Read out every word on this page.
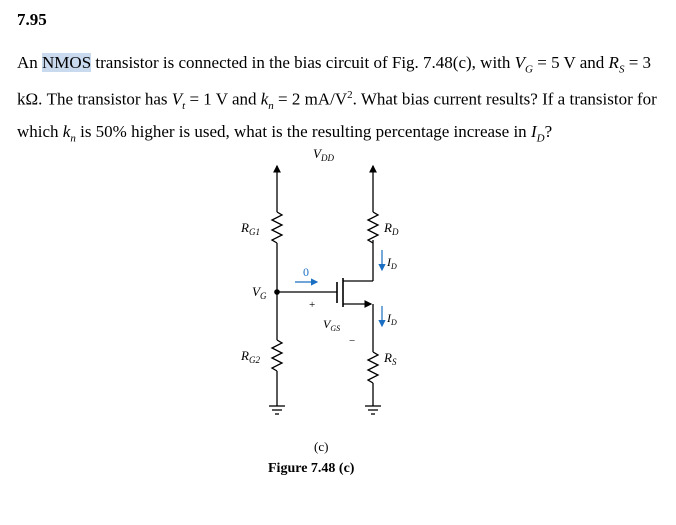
7.95
An NMOS transistor is connected in the bias circuit of Fig. 7.48(c), with $V_G = 5$ V and $R_S = 3$ kΩ. The transistor has $V_t = 1$ V and $k_n = 2$ $mA/V^2$. What bias current results? If a transistor for which $k_n$ is 50% higher is used, what is the resulting percentage increase in $I_D$?
$V_{DD}$
$R_{G1}$
$V_G$
0
+
$V_{GS}$
−
$R_D$
$I_D$
$I_D$
$R_{G2}$	$R_S$
(c)
Figure 7.48 (c)
